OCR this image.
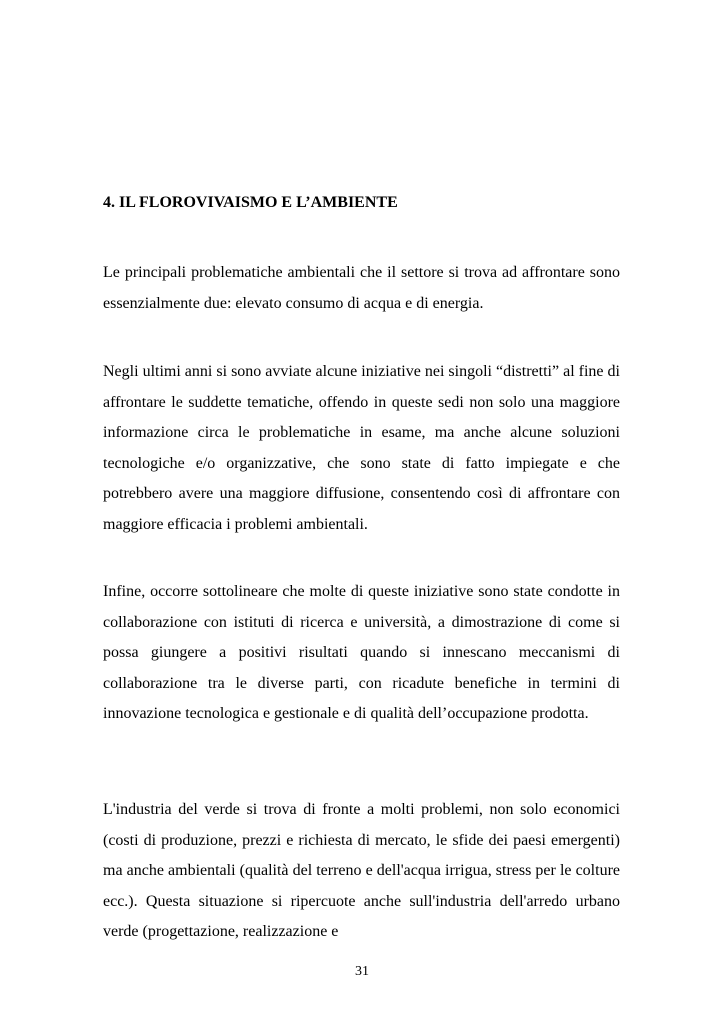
4. IL FLOROVIVAISMO E L’AMBIENTE

Le principali problematiche ambientali che il settore si trova ad affrontare sono essenzialmente due: elevato consumo di acqua e di energia.

Negli ultimi anni si sono avviate alcune iniziative nei singoli “distretti” al fine di affrontare le suddette tematiche, offendo in queste sedi non solo una maggiore informazione circa le problematiche in esame, ma anche alcune soluzioni tecnologiche e/o organizzative, che sono state di fatto impiegate e che potrebbero avere una maggiore diffusione, consentendo così di affrontare con maggiore efficacia i problemi ambientali.

Infine, occorre sottolineare che molte di queste iniziative sono state condotte in collaborazione con istituti di ricerca e università, a dimostrazione di come si possa giungere a positivi risultati quando si innescano meccanismi di collaborazione tra le diverse parti, con ricadute benefiche in termini di innovazione tecnologica e gestionale e di qualità dell’occupazione prodotta.

L'industria del verde si trova di fronte a molti problemi, non solo economici (costi di produzione, prezzi e richiesta di mercato, le sfide dei paesi emergenti) ma anche ambientali (qualità del terreno e dell'acqua irrigua, stress per le colture ecc.). Questa situazione si ripercuote anche sull'industria dell'arredo urbano verde (progettazione, realizzazione e

31
